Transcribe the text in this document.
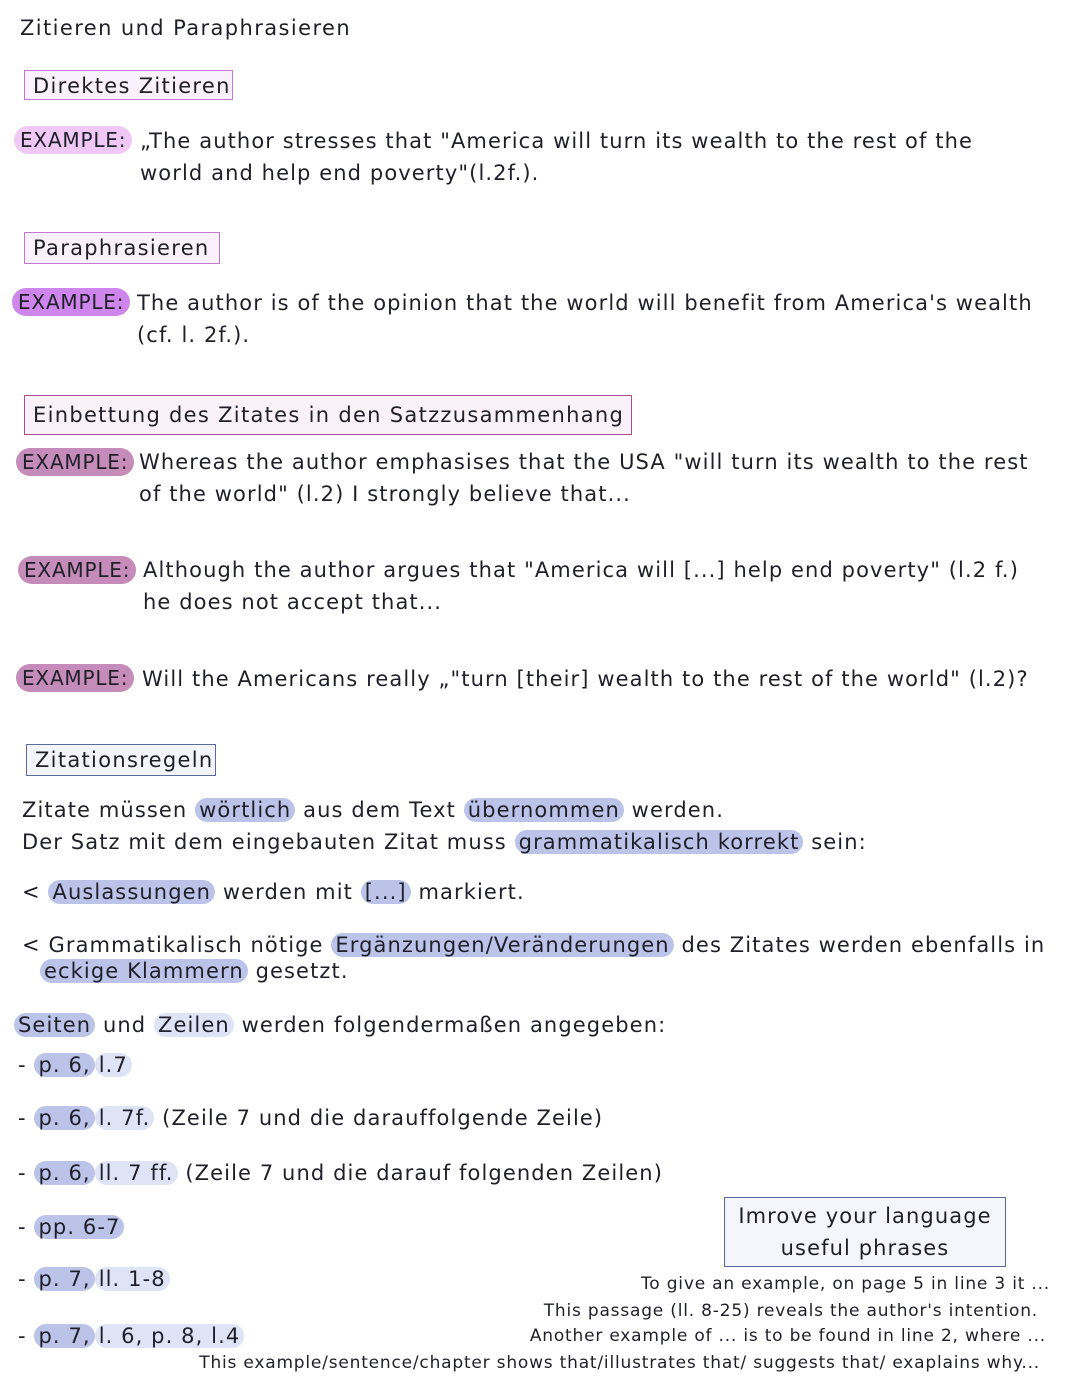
Zitieren und Paraphrasieren
Direktes Zitieren
EXAMPLE: „The author stresses that "America will turn its wealth to the rest of the
world and help end poverty"(l.2f.).
Paraphrasieren
EXAMPLE: The author is of the opinion that the world will benefit from America's wealth
(cf. l. 2f.).
Einbettung des Zitates in den Satzzusammenhang
EXAMPLE: Whereas the author emphasises that the USA "will turn its wealth to the rest
of the world" (l.2) I strongly believe that...
EXAMPLE: Although the author argues that "America will [...] help end poverty" (l.2 f.)
he does not accept that...
EXAMPLE: Will the Americans really „"turn [their] wealth to the rest of the world" (l.2)?
Zitationsregeln
Zitate müssen wörtlich aus dem Text übernommen werden.
Der Satz mit dem eingebauten Zitat muss grammatikalisch korrekt sein:
< Auslassungen werden mit [...] markiert.
< Grammatikalisch nötige Ergänzungen/Veränderungen des Zitates werden ebenfalls in
eckige Klammern gesetzt.
Seiten und Zeilen werden folgendermaßen angegeben:
- p. 6, l.7
- p. 6, l. 7f. (Zeile 7 und die darauffolgende Zeile)
- p. 6, ll. 7 ff. (Zeile 7 und die darauf folgenden Zeilen)
- pp. 6-7
- p. 7, ll. 1-8
- p. 7, l. 6, p. 8, l.4
Imrove your language
useful phrases
To give an example, on page 5 in line 3 it ...
This passage (ll. 8-25) reveals the author's intention.
Another example of ... is to be found in line 2, where ...
This example/sentence/chapter shows that/illustrates that/ suggests that/ exaplains why...
